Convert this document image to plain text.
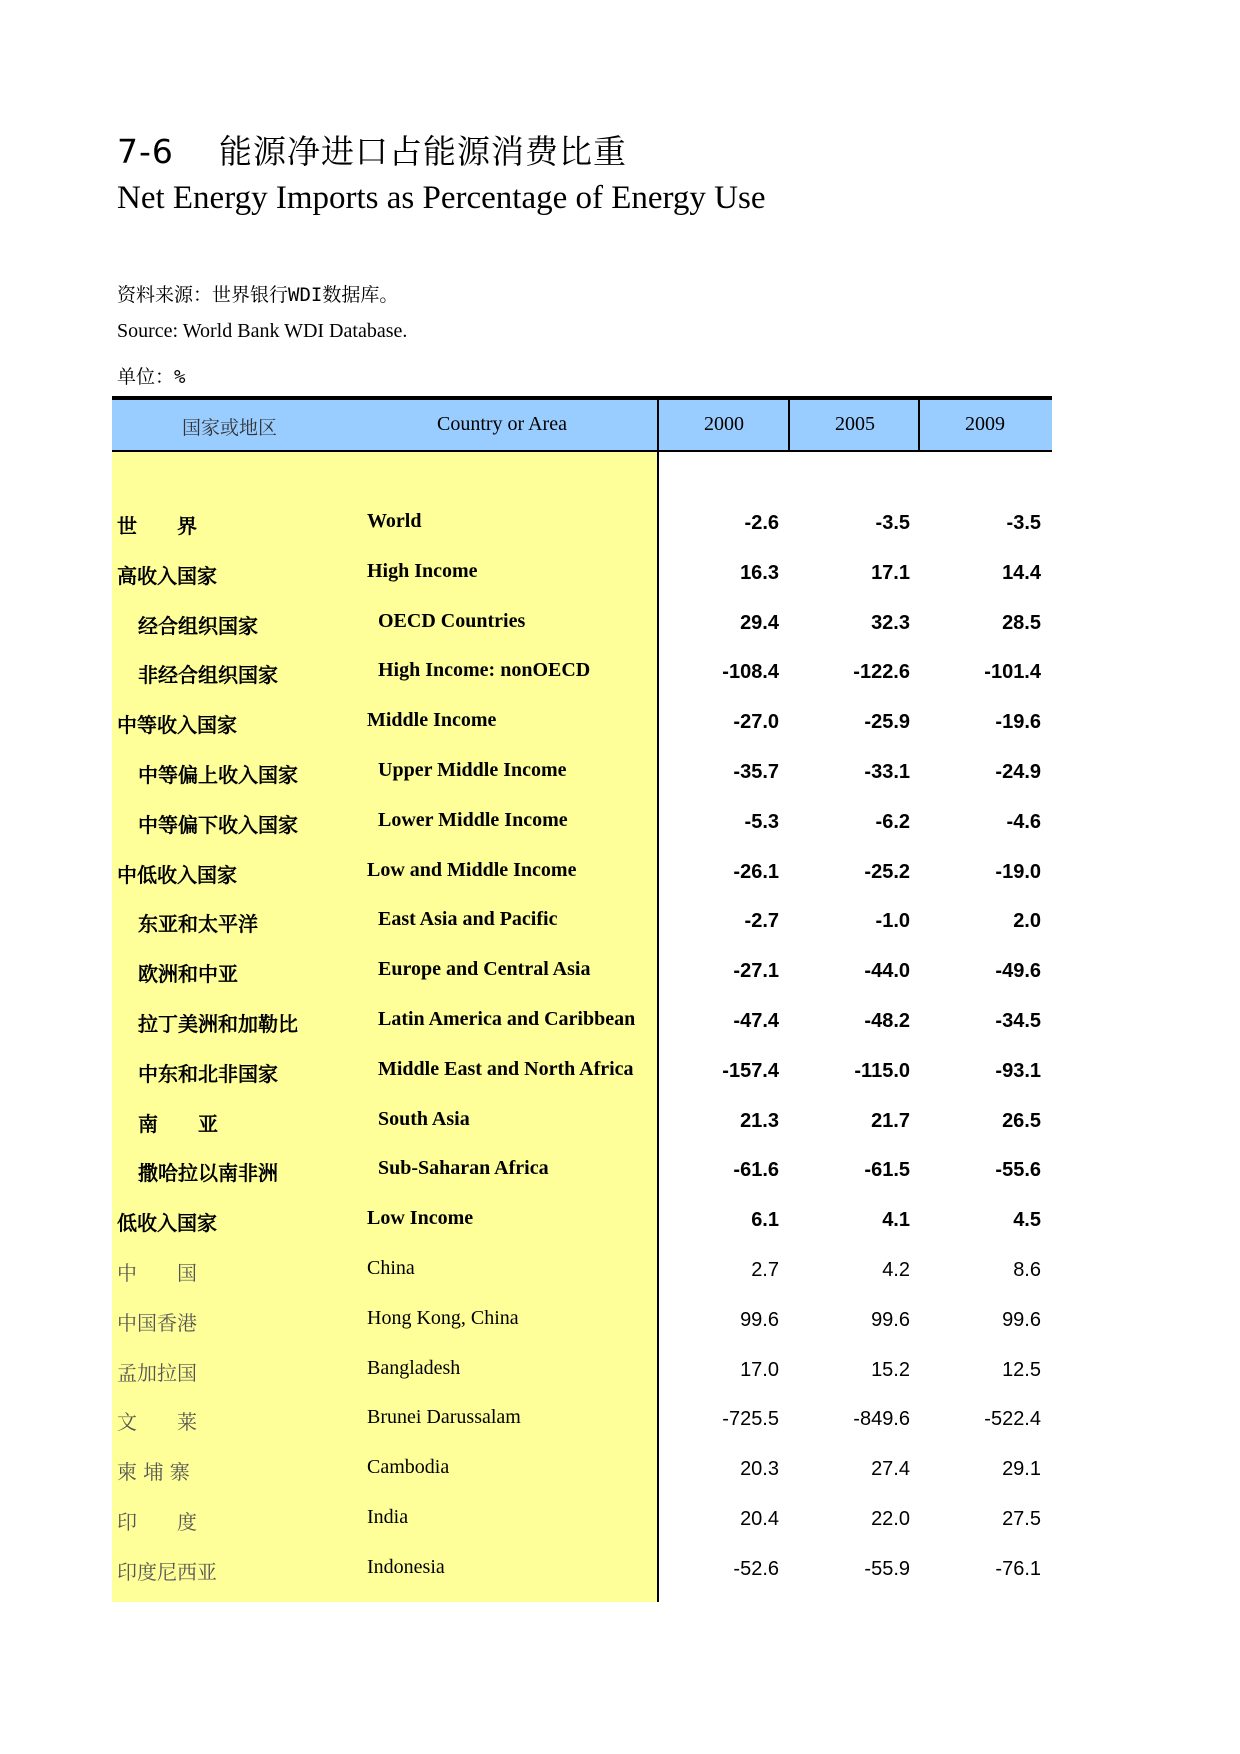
7-6 能源净进口占能源消费比重
Net Energy Imports as Percentage of Energy Use
资料来源：世界银行WDI数据库。
Source: World Bank WDI Database.
单位：%
国家或地区	Country or Area	2000	2005	2009
世　　界	World	-2.6	-3.5	-3.5
高收入国家	High Income	16.3	17.1	14.4
经合组织国家	OECD Countries	29.4	32.3	28.5
非经合组织国家	High Income: nonOECD	-108.4	-122.6	-101.4
中等收入国家	Middle Income	-27.0	-25.9	-19.6
中等偏上收入国家	Upper Middle Income	-35.7	-33.1	-24.9
中等偏下收入国家	Lower Middle Income	-5.3	-6.2	-4.6
中低收入国家	Low and Middle Income	-26.1	-25.2	-19.0
东亚和太平洋	East Asia and Pacific	-2.7	-1.0	2.0
欧洲和中亚	Europe and Central Asia	-27.1	-44.0	-49.6
拉丁美洲和加勒比	Latin America and Caribbean	-47.4	-48.2	-34.5
中东和北非国家	Middle East and North Africa	-157.4	-115.0	-93.1
南　　亚	South Asia	21.3	21.7	26.5
撒哈拉以南非洲	Sub-Saharan Africa	-61.6	-61.5	-55.6
低收入国家	Low Income	6.1	4.1	4.5
中　　国	China	2.7	4.2	8.6
中国香港	Hong Kong, China	99.6	99.6	99.6
孟加拉国	Bangladesh	17.0	15.2	12.5
文　　莱	Brunei Darussalam	-725.5	-849.6	-522.4
柬 埔 寨	Cambodia	20.3	27.4	29.1
印　　度	India	20.4	22.0	27.5
印度尼西亚	Indonesia	-52.6	-55.9	-76.1
